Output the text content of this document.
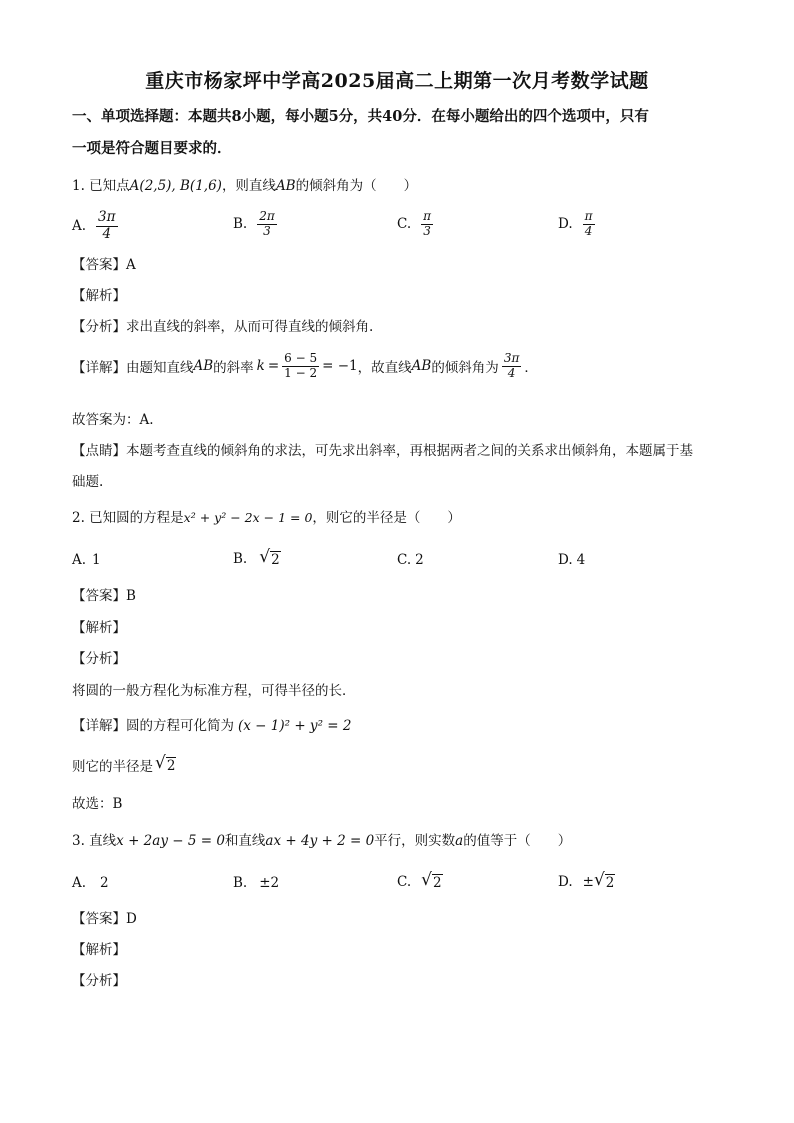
重庆市杨家坪中学高2025届高二上期第一次月考数学试题
一、单项选择题：本题共8小题，每小题5分，共40分．在每小题给出的四个选项中，只有
一项是符合题目要求的．
1. 已知点A(2,5), B(1,6)，则直线AB的倾斜角为（　　）
A. $\frac{3\pi}{4}$	B. $\frac{2\pi}{3}$	C. $\frac{\pi}{3}$	D. $\frac{\pi}{4}$
【答案】A
【解析】
【分析】求出直线的斜率，从而可得直线的倾斜角.
【详解】由题知直线 AB 的斜率 $k = \frac{6 - 5}{1 - 2} = -1$ ，故直线 AB 的倾斜角为 $\frac{3\pi}{4}$ ．
故答案为：A.
【点睛】本题考查直线的倾斜角的求法，可先求出斜率，再根据两者之间的关系求出倾斜角，本题属于基
础题.
2. 已知圆的方程是x² + y² − 2x − 1 = 0，则它的半径是（　　）
A. 1	B. √ 2	C. 2	D. 4
【答案】B
【解析】
【分析】
将圆的一般方程化为标准方程，可得半径的长．
【详解】圆的方程可化简为 (x − 1)² + y² = 2
则它的半径是 √ 2
故选：B
3. 直线x + 2ay − 5 = 0和直线ax + 4y + 2 = 0平行，则实数a的值等于（　　）
A. 2	B. ±2	C. √ 2	D. ± √ 2
【答案】D
【解析】
【分析】
